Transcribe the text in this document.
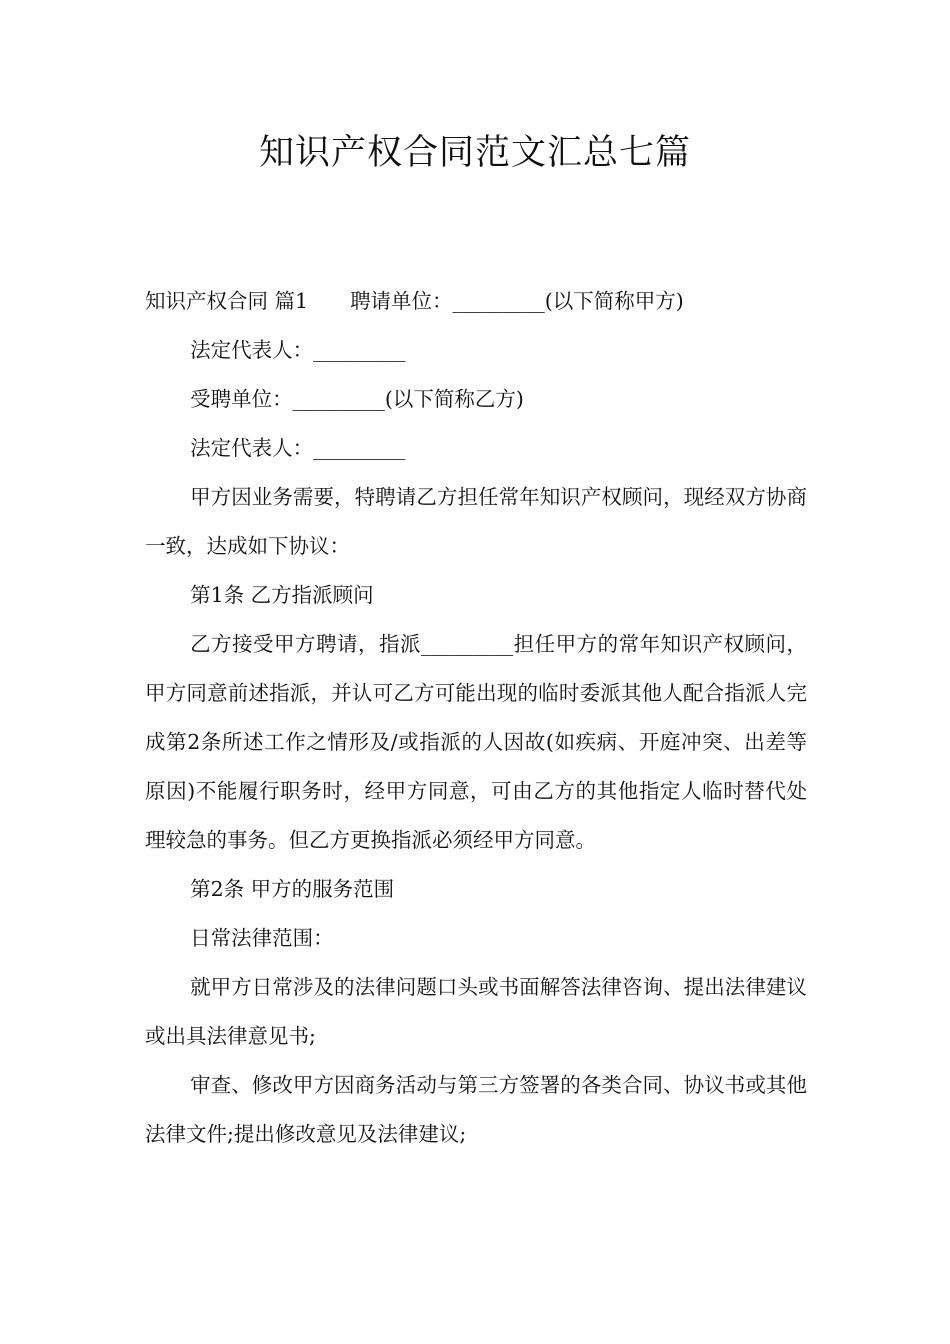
知识产权合同范文汇总七篇

知识产权合同 篇1 聘请单位：_________(以下简称甲方)

法定代表人：_________

受聘单位：_________(以下简称乙方)

法定代表人：_________

甲方因业务需要，特聘请乙方担任常年知识产权顾问，现经双方协商一致，达成如下协议：

第1条 乙方指派顾问

乙方接受甲方聘请，指派_________担任甲方的常年知识产权顾问，甲方同意前述指派，并认可乙方可能出现的临时委派其他人配合指派人完成第2条所述工作之情形及/或指派的人因故(如疾病、开庭冲突、出差等原因)不能履行职务时，经甲方同意，可由乙方的其他指定人临时替代处理较急的事务。但乙方更换指派必须经甲方同意。

第2条 甲方的服务范围

日常法律范围：

就甲方日常涉及的法律问题口头或书面解答法律咨询、提出法律建议或出具法律意见书;

审查、修改甲方因商务活动与第三方签署的各类合同、协议书或其他法律文件;提出修改意见及法律建议;
